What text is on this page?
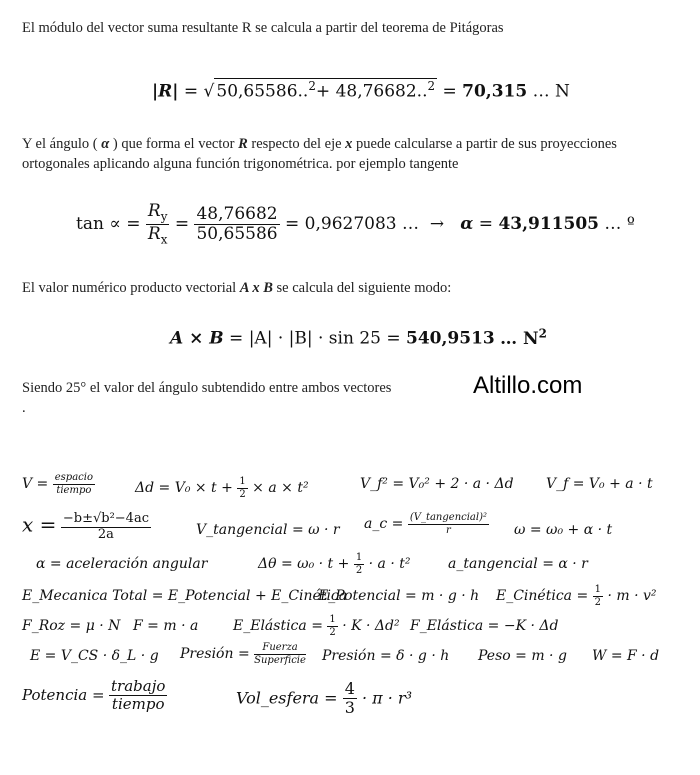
El módulo del vector suma resultante R se calcula a partir del teorema de Pitágoras
|R| = √ 50,65586..$^2$+ 48,76682..$^2$ = 70,315 … N
Y el ángulo ( α ) que forma el vector R respecto del eje x puede calcularse a partir de sus proyecciones
ortogonales aplicando alguna función trigonométrica. por ejemplo tangente
tan ∝ = $\frac{R_y}{R_x} = \frac{48,76682}{50,65586} = 0,9627083$ … → α = 43,911505 … º
El valor numérico producto vectorial A x B se calcula del siguiente modo:
A × B = |A| · |B| · sin 25 = 540,9513 … $N^2$
Siendo 25° el valor del ángulo subtendido entre ambos vectores
.
Altillo.com
$V = \frac{\text{espacio}}{\text{tiempo}}$	$\Delta d = V_0 \times t + \frac{1}{2} \times a \times t^2$	V_f² = V₀² + 2 · a · Δd V_f = V₀ + a · t
$x = \frac{\text{−b±√b²−4ac}}{2a}$	V_tangencial = ω · r a_c = $\frac{\text{(V\_tangencial)²}}{r}$ ω = ω₀ + α · t
α = aceleración angular	$\Delta\theta = \omega_0 \cdot t + \frac{1}{2} \cdot a \cdot t^2$	a_tangencial = α · r
E_Mecanica Total = E_Potencial + E_Cinética
E_Potencial = m · g · h E_Cinética = $\frac{1}{2} \cdot m \cdot v^2$
F_Roz = μ · N F = m · a E_Elástica = $\frac{1}{2} \cdot K \cdot \Delta d^2$ F_Elástica = −K · Δd
E = V_CS · δ_L · g Presión = $\frac{\text{Fuerza}}{\text{Superficie}}$ Presión = δ · g · h Peso = m · g W = F · d
Potencia = $\frac{\text{trabajo}}{\text{tiempo}}$	Vol_esfera = $\frac{4}{3} \cdot \pi \cdot r^3$
